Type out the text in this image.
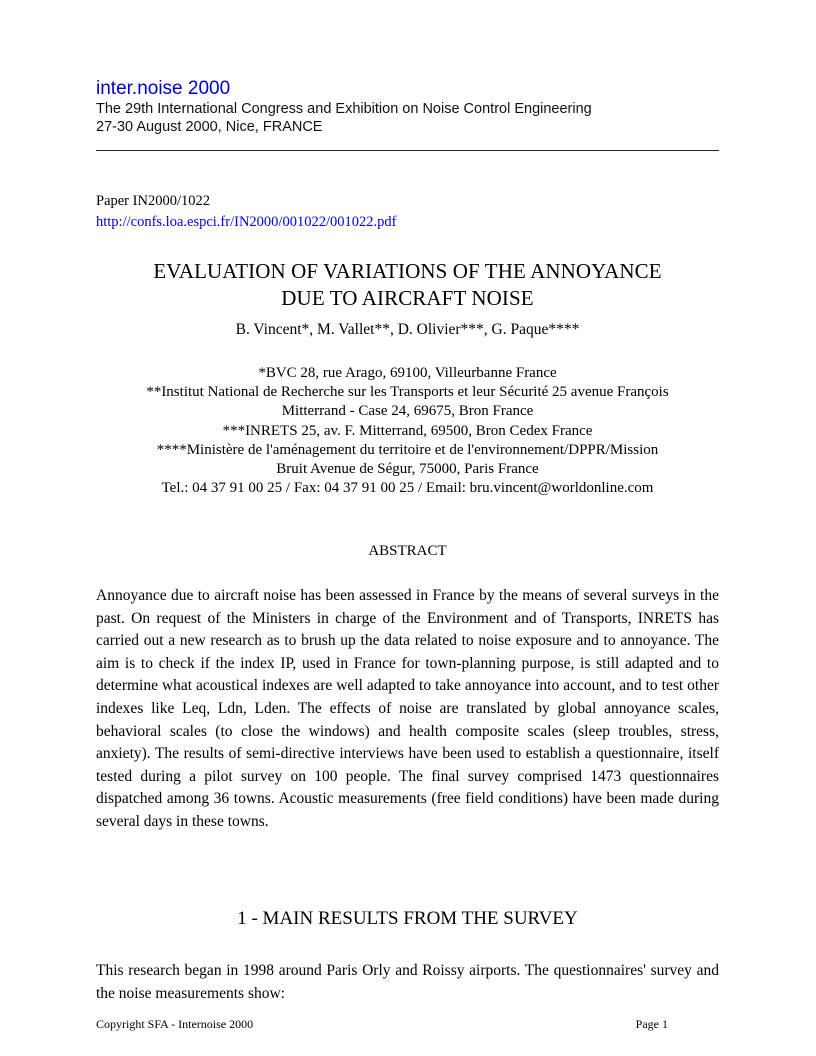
inter.noise 2000
The 29th International Congress and Exhibition on Noise Control Engineering
27-30 August 2000, Nice, FRANCE
Paper IN2000/1022
http://confs.loa.espci.fr/IN2000/001022/001022.pdf
EVALUATION OF VARIATIONS OF THE ANNOYANCE
DUE TO AIRCRAFT NOISE
B. Vincent*, M. Vallet**, D. Olivier***, G. Paque****
*BVC 28, rue Arago, 69100, Villeurbanne France
**Institut National de Recherche sur les Transports et leur Sécurité 25 avenue François
Mitterrand - Case 24, 69675, Bron France
***INRETS 25, av. F. Mitterrand, 69500, Bron Cedex France
****Ministère de l'aménagement du territoire et de l'environnement/DPPR/Mission
Bruit Avenue de Ségur, 75000, Paris France
Tel.: 04 37 91 00 25 / Fax: 04 37 91 00 25 / Email: bru.vincent@worldonline.com
ABSTRACT
Annoyance due to aircraft noise has been assessed in France by the means of several surveys in the past. On request of the Ministers in charge of the Environment and of Transports, INRETS has carried out a new research as to brush up the data related to noise exposure and to annoyance. The aim is to check if the index IP, used in France for town-planning purpose, is still adapted and to determine what acoustical indexes are well adapted to take annoyance into account, and to test other indexes like Leq, Ldn, Lden. The effects of noise are translated by global annoyance scales, behavioral scales (to close the windows) and health composite scales (sleep troubles, stress, anxiety). The results of semi-directive interviews have been used to establish a questionnaire, itself tested during a pilot survey on 100 people. The final survey comprised 1473 questionnaires dispatched among 36 towns. Acoustic measurements (free field conditions) have been made during several days in these towns.
1 - MAIN RESULTS FROM THE SURVEY
This research began in 1998 around Paris Orly and Roissy airports. The questionnaires' survey and the noise measurements show:
Copyright SFA - Internoise 2000	Page 1
